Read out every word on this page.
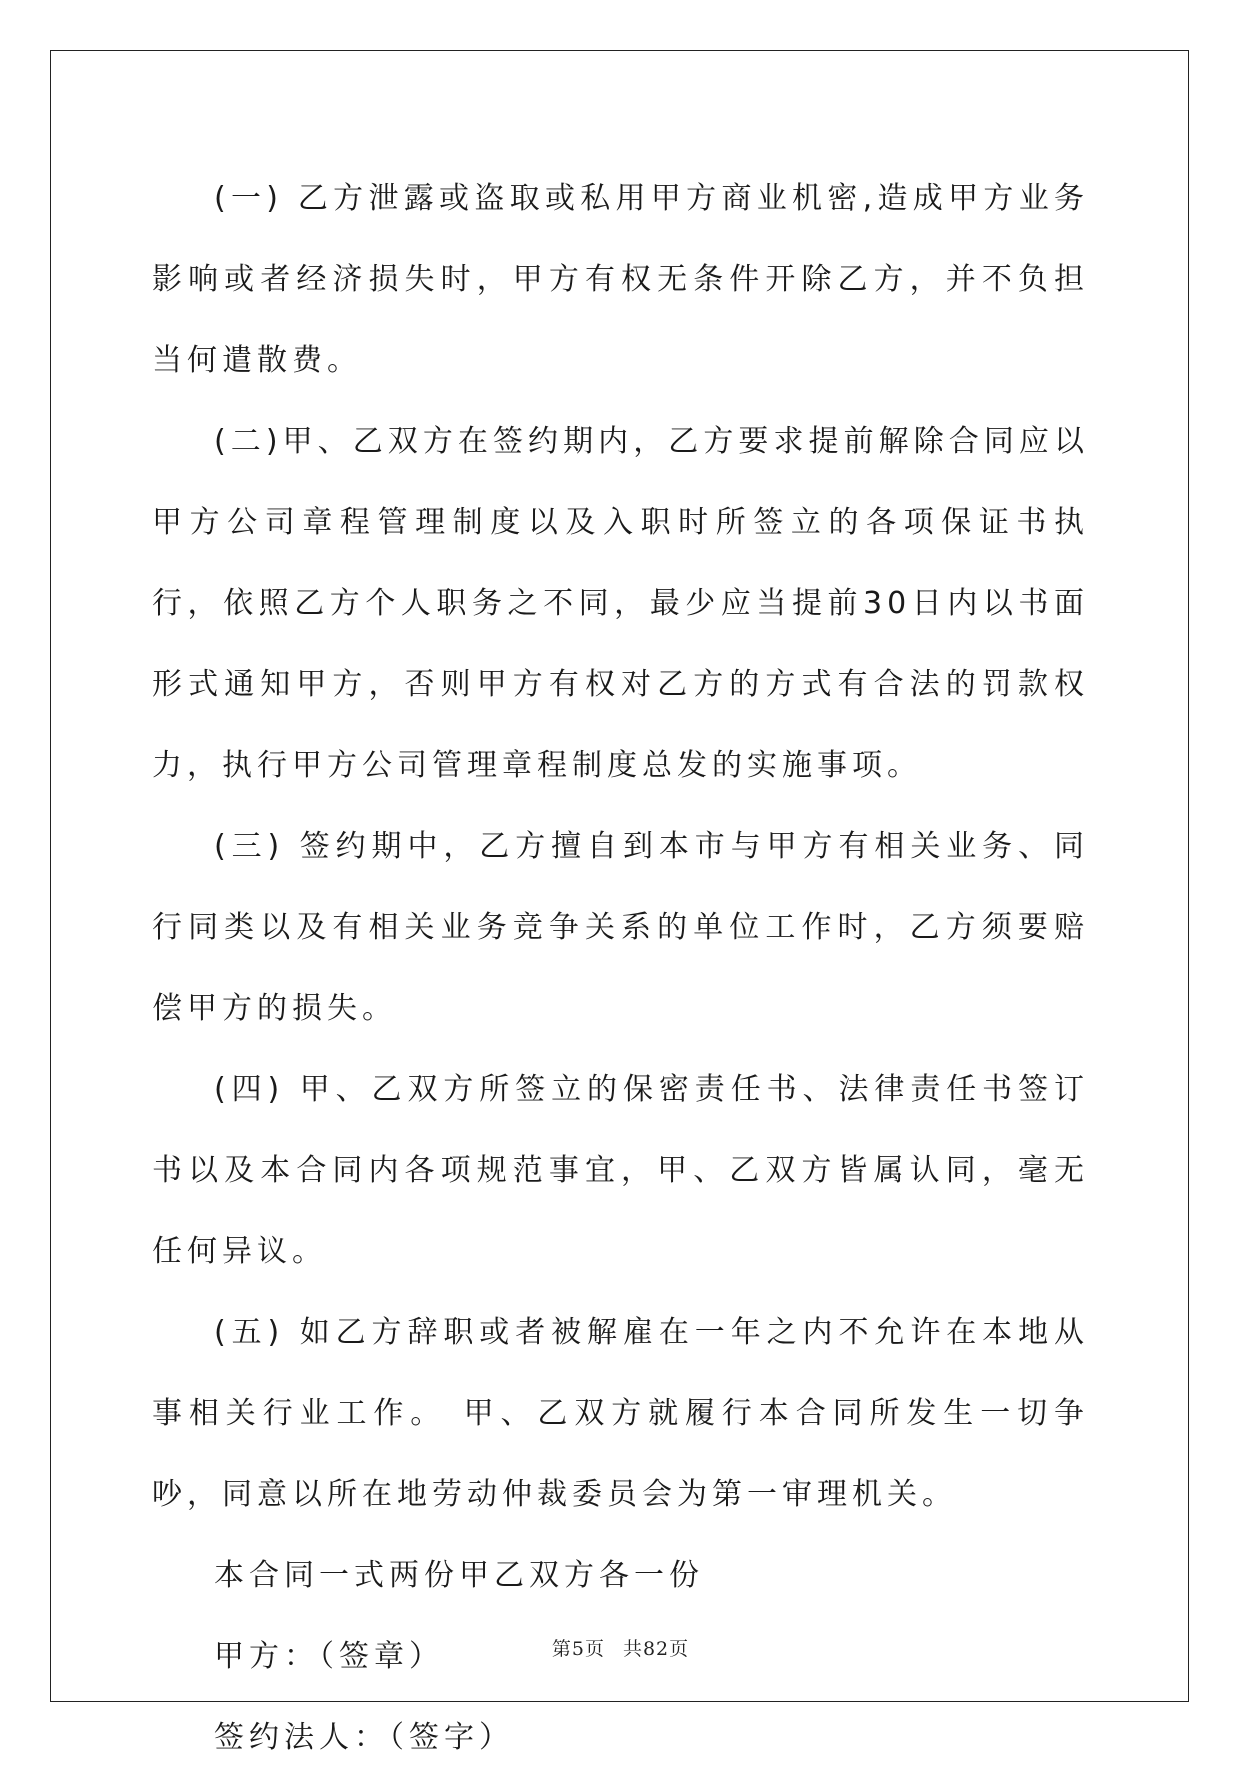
(一) 乙方泄露或盗取或私用甲方商业机密,造成甲方业务影响或者经济损失时，甲方有权无条件开除乙方，并不负担当何遣散费。

(二)甲、乙双方在签约期内，乙方要求提前解除合同应以甲方公司章程管理制度以及入职时所签立的各项保证书执行，依照乙方个人职务之不同，最少应当提前30日内以书面形式通知甲方，否则甲方有权对乙方的方式有合法的罚款权力，执行甲方公司管理章程制度总发的实施事项。

(三) 签约期中，乙方擅自到本市与甲方有相关业务、同行同类以及有相关业务竞争关系的单位工作时，乙方须要赔偿甲方的损失。

(四) 甲、乙双方所签立的保密责任书、法律责任书签订书以及本合同内各项规范事宜，甲、乙双方皆属认同，毫无任何异议。

(五) 如乙方辞职或者被解雇在一年之内不允许在本地从事相关行业工作。 甲、乙双方就履行本合同所发生一切争吵，同意以所在地劳动仲裁委员会为第一审理机关。

本合同一式两份甲乙双方各一份

甲方：（签章）

签约法人：（签字）

第5页 共82页
